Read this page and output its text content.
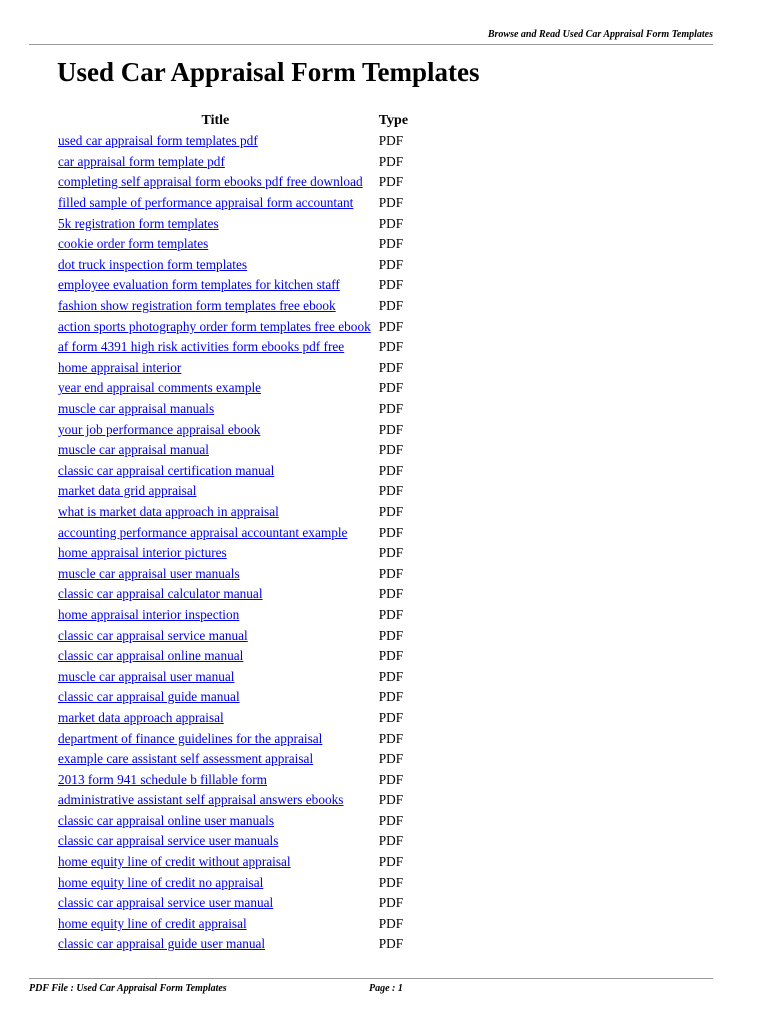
Browse and Read Used Car Appraisal Form Templates
Used Car Appraisal Form Templates
Title	Type
used car appraisal form templates pdf	PDF
car appraisal form template pdf	PDF
completing self appraisal form ebooks pdf free download	PDF
filled sample of performance appraisal form accountant	PDF
5k registration form templates	PDF
cookie order form templates	PDF
dot truck inspection form templates	PDF
employee evaluation form templates for kitchen staff	PDF
fashion show registration form templates free ebook	PDF
action sports photography order form templates free ebook	PDF
af form 4391 high risk activities form ebooks pdf free	PDF
home appraisal interior	PDF
year end appraisal comments example	PDF
muscle car appraisal manuals	PDF
your job performance appraisal ebook	PDF
muscle car appraisal manual	PDF
classic car appraisal certification manual	PDF
market data grid appraisal	PDF
what is market data approach in appraisal	PDF
accounting performance appraisal accountant example	PDF
home appraisal interior pictures	PDF
muscle car appraisal user manuals	PDF
classic car appraisal calculator manual	PDF
home appraisal interior inspection	PDF
classic car appraisal service manual	PDF
classic car appraisal online manual	PDF
muscle car appraisal user manual	PDF
classic car appraisal guide manual	PDF
market data approach appraisal	PDF
department of finance guidelines for the appraisal	PDF
example care assistant self assessment appraisal	PDF
2013 form 941 schedule b fillable form	PDF
administrative assistant self appraisal answers ebooks	PDF
classic car appraisal online user manuals	PDF
classic car appraisal service user manuals	PDF
home equity line of credit without appraisal	PDF
home equity line of credit no appraisal	PDF
classic car appraisal service user manual	PDF
home equity line of credit appraisal	PDF
classic car appraisal guide user manual	PDF
PDF File : Used Car Appraisal Form Templates	Page : 1
